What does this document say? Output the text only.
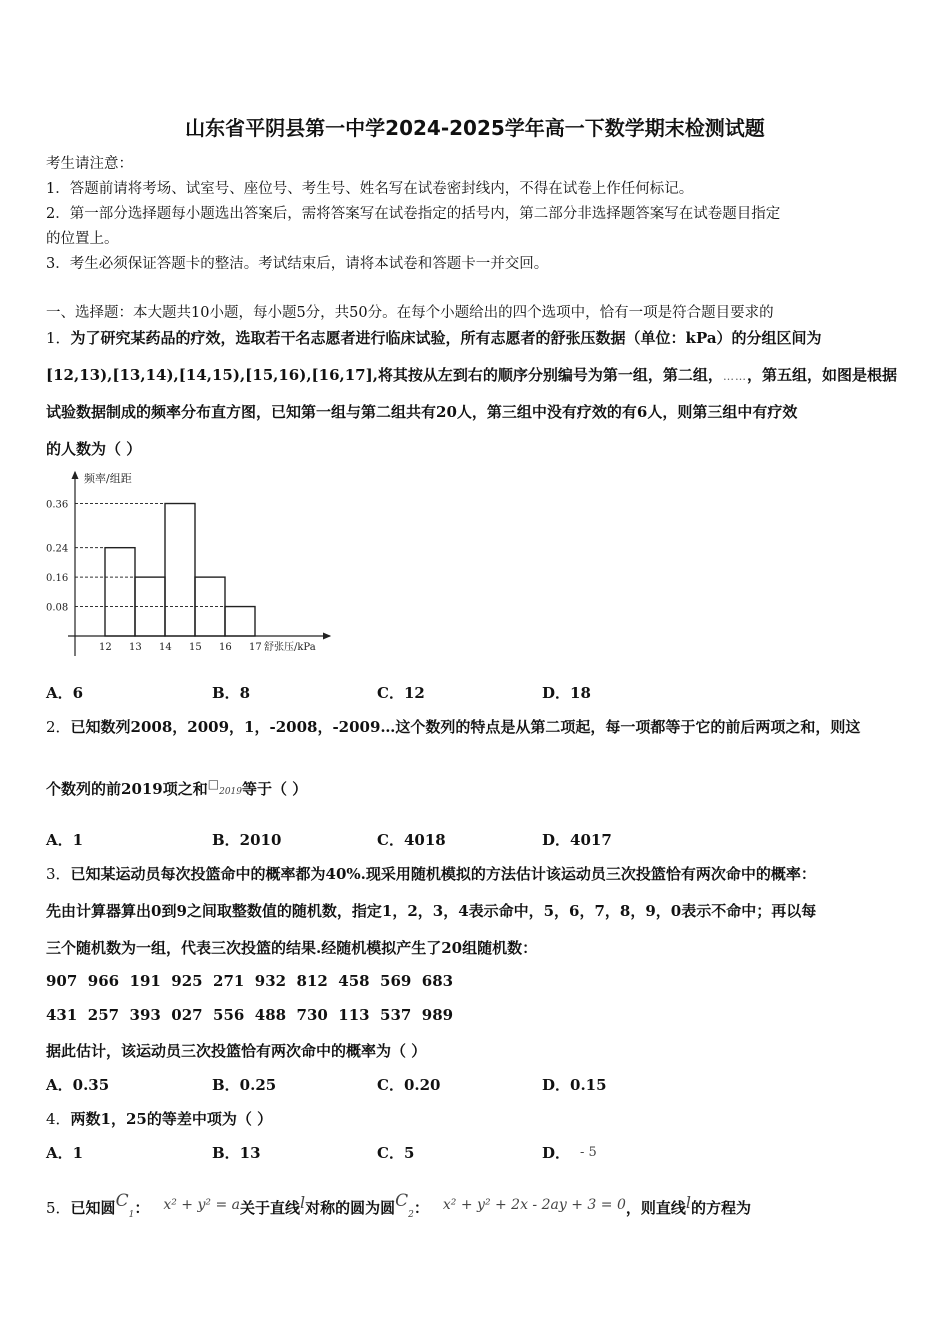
山东省平阴县第一中学2024-2025学年高一下数学期末检测试题
考生请注意：
1．答题前请将考场、试室号、座位号、考生号、姓名写在试卷密封线内，不得在试卷上作任何标记。
2．第一部分选择题每小题选出答案后，需将答案写在试卷指定的括号内，第二部分非选择题答案写在试卷题目指定
的位置上。
3．考生必须保证答题卡的整洁。考试结束后，请将本试卷和答题卡一并交回。
一、选择题：本大题共10小题，每小题5分，共50分。在每个小题给出的四个选项中，恰有一项是符合题目要求的
1．为了研究某药品的疗效，选取若干名志愿者进行临床试验，所有志愿者的舒张压数据（单位：kPa）的分组区间为
[12,13),[13,14),[14,15),[15,16),[16,17],将其按从左到右的顺序分别编号为第一组，第二组，……，第五组，如图是根据
试验数据制成的频率分布直方图，已知第一组与第二组共有20人，第三组中没有疗效的有6人，则第三组中有疗效
的人数为（ ）
频率/组距
舒张压/kPa
0.36
0.24
0.16
0.08
12 13 14 15 16 17
A．6	B．8	C．12	D．18
2．已知数列2008，2009，1，-2008，-2009…这个数列的特点是从第二项起，每一项都等于它的前后两项之和，则这
个数列的前2019项之和□2019等于（ ）
A．1	B．2010	C．4018	D．4017
3．已知某运动员每次投篮命中的概率都为40%.现采用随机模拟的方法估计该运动员三次投篮恰有两次命中的概率：
先由计算器算出0到9之间取整数值的随机数，指定1，2，3，4表示命中，5，6，7，8，9，0表示不命中；再以每
三个随机数为一组，代表三次投篮的结果.经随机模拟产生了20组随机数：
907  966  191  925  271  932  812  458  569  683
431  257  393  027  556  488  730  113  537  989
据此估计，该运动员三次投篮恰有两次命中的概率为（ ）
A．0.35	B．0.25	C．0.20	D．0.15
4．两数1，25的等差中项为（ ）
A．1	B．13	C．5	D． - 5
5．已知圆$C_1$： x² + y² = a关于直线l对称的圆为圆$C_2$： x² + y² + 2x - 2ay + 3 = 0，则直线l的方程为
